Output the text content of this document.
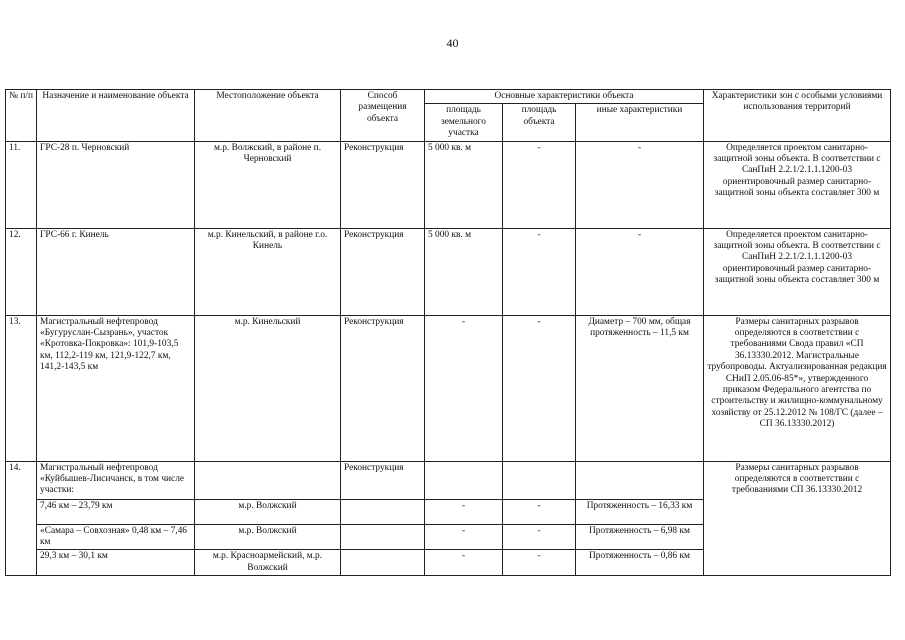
40
№ п/п	Назначение и наименование объекта	Местоположение объекта	Способ размещения объекта	Основные характеристики объекта			Характеристики зон с особыми условиями использования территорий
				площадь земельного участка	площадь объекта	иные характеристики	
11.	ГРС-28 п. Черновский	м.р. Волжский, в районе п. Черновский	Реконструкция	5 000 кв. м	-	-	Определяется проектом санитарно-защитной зоны объекта. В соответствии с СанПиН 2.2.1/2.1.1.1200-03 ориентировочный размер санитарно-защитной зоны объекта составляет 300 м
12.	ГРС-66 г. Кинель	м.р. Кинельский, в районе г.о. Кинель	Реконструкция	5 000 кв. м	-	-	Определяется проектом санитарно-защитной зоны объекта. В соответствии с СанПиН 2.2.1/2.1.1.1200-03 ориентировочный размер санитарно-защитной зоны объекта составляет 300 м
13.	Магистральный нефтепровод «Бугуруслан-Сызрань», участок «Кротовка-Покровка»: 101,9-103,5 км, 112,2-119 км, 121,9-122,7 км, 141,2-143,5 км	м.р. Кинельский	Реконструкция	-	-	Диаметр – 700 мм, общая протяженность – 11,5 км	Размеры санитарных разрывов определяются в соответствии с требованиями Свода правил «СП 36.13330.2012. Магистральные трубопроводы. Актуализированная редакция СНиП 2.05.06-85*», утвержденного приказом Федерального агентства по строительству и жилищно-коммунальному хозяйству от 25.12.2012 № 108/ГС (далее – СП 36.13330.2012)
14.	Магистральный нефтепровод «Куйбышев-Лисичанск, в том числе участки:		Реконструкция				Размеры санитарных разрывов определяются в соответствии с требованиями СП 36.13330.2012
	7,46 км – 23,79 км	м.р. Волжский		-	-	Протяженность – 16,33 км	
	«Самара – Совхозная» 0,48 км – 7,46 км	м.р. Волжский		-	-	Протяженность – 6,98 км	
	29,3 км – 30,1 км	м.р. Красноармейский, м.р. Волжский		-	-	Протяженность – 0,86 км	
